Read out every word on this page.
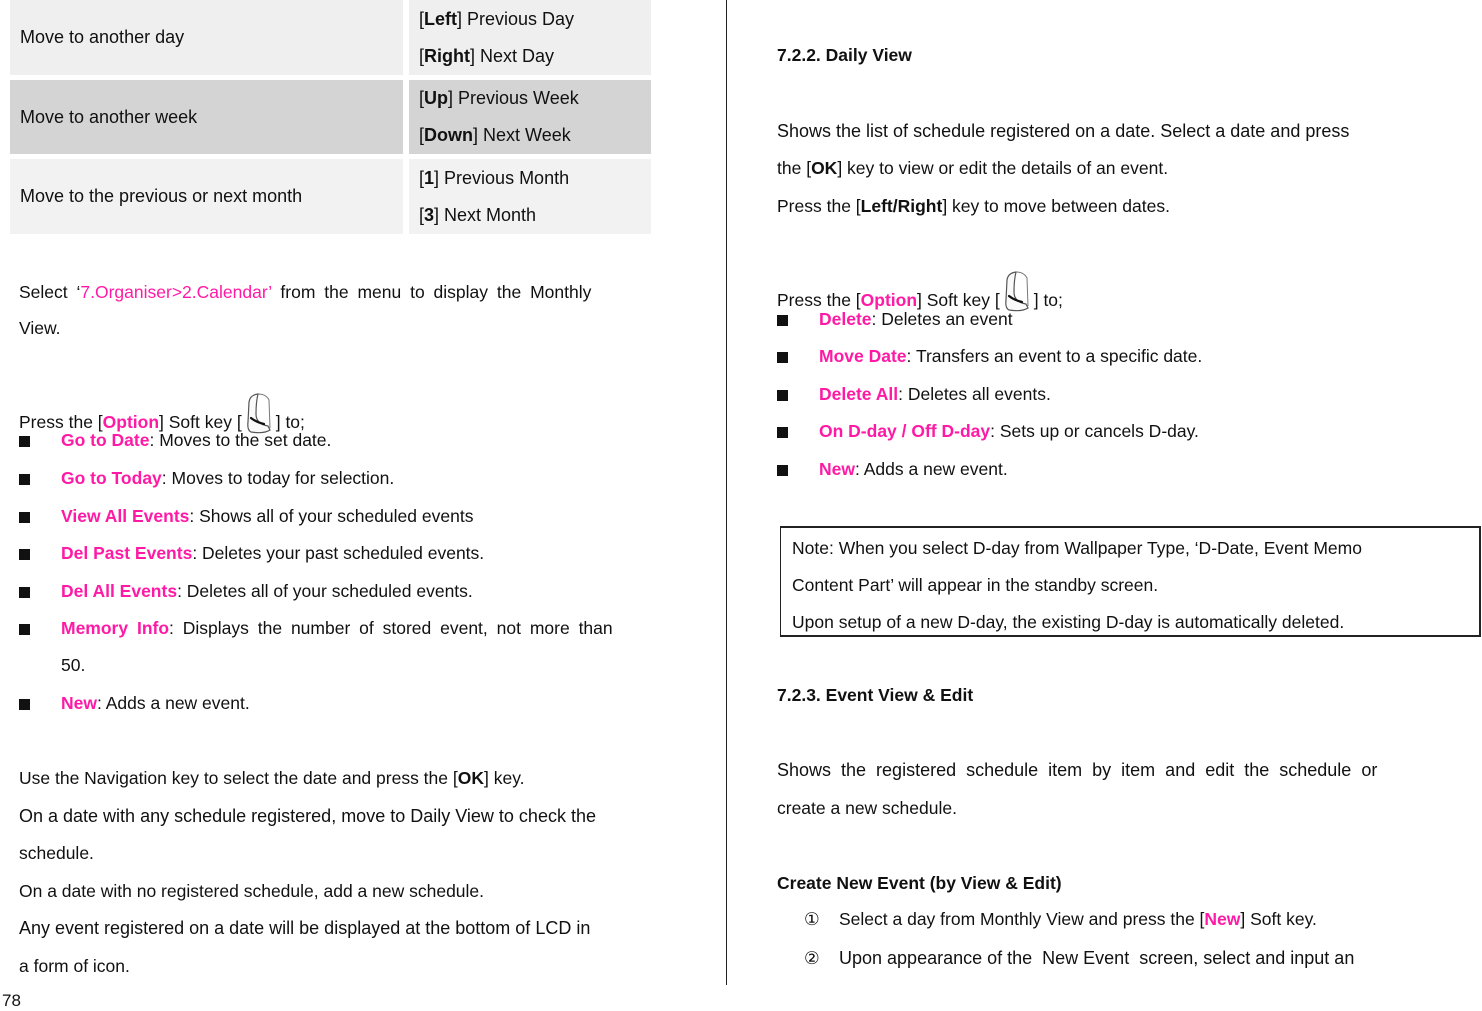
Move to another day
[Left] Previous Day
[Right] Next Day
Move to another week
[Up] Previous Week
[Down] Next Week
Move to the previous or next month
[1] Previous Month
[3] Next Month
Select ‘7.Organiser>2.Calendar’ from the menu to display the Monthly
View.
Press the [Option] Soft key [ ] to;
Go to Date: Moves to the set date.
Go to Today: Moves to today for selection.
View All Events: Shows all of your scheduled events
Del Past Events: Deletes your past scheduled events.
Del All Events: Deletes all of your scheduled events.
Memory Info: Displays the number of stored event, not more than
50.
New: Adds a new event.
Use the Navigation key to select the date and press the [OK] key.
On a date with any schedule registered, move to Daily View to check the
schedule.
On a date with no registered schedule, add a new schedule.
Any event registered on a date will be displayed at the bottom of LCD in
a form of icon.
78
7.2.2. Daily View
Shows the list of schedule registered on a date. Select a date and press
the [OK] key to view or edit the details of an event.
Press the [Left/Right] key to move between dates.
Press the [Option] Soft key [ ] to;
Delete: Deletes an event
Move Date: Transfers an event to a specific date.
Delete All: Deletes all events.
On D-day / Off D-day: Sets up or cancels D-day.
New: Adds a new event.
Note: When you select D-day from Wallpaper Type, ‘D-Date, Event Memo
Content Part’ will appear in the standby screen.
Upon setup of a new D-day, the existing D-day is automatically deleted.
7.2.3. Event View & Edit
Shows  the  registered  schedule  item  by  item  and  edit  the  schedule  or
create a new schedule.
Create New Event (by View & Edit)
① Select a day from Monthly View and press the [New] Soft key.
② Upon appearance of the  New Event  screen, select and input an
